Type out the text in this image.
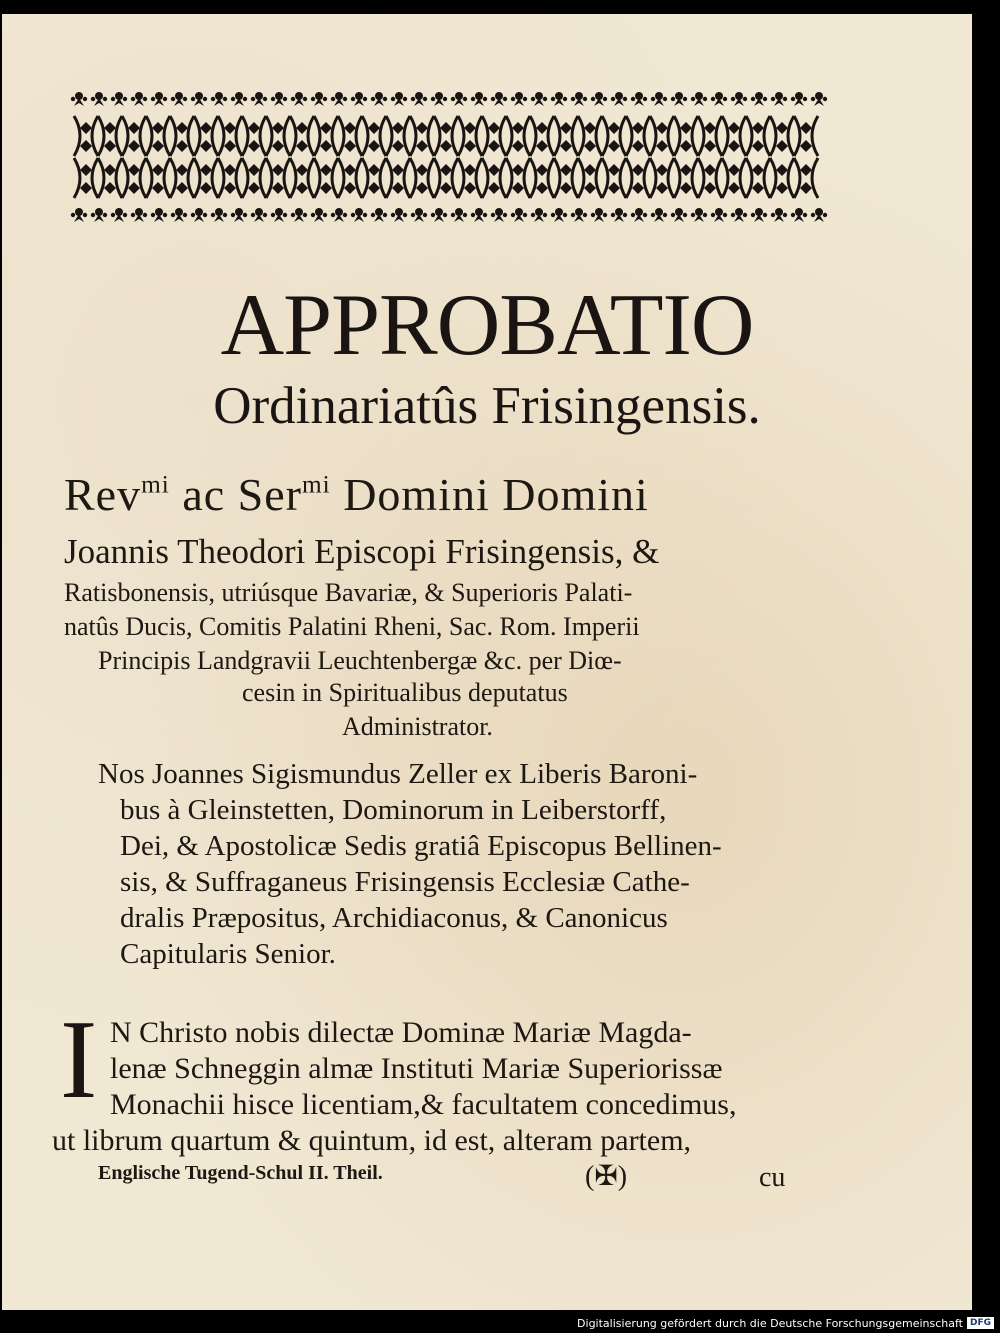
APPROBATIO
Ordinariatûs Frisingensis.
Rev$^{mi}$ ac Ser$^{mi}$ Domini Domini
Joannis Theodori Episcopi Frisingensis, &
Ratisbonensis, utriúsque Bavariæ, & Superioris Palati-
natûs Ducis, Comitis Palatini Rheni, Sac. Rom. Imperii
Principis Landgravii Leuchtenbergæ &c. per Diœ-
cesin in Spiritualibus deputatus
Administrator.
Nos Joannes Sigismundus Zeller ex Liberis Baroni-
bus à Gleinstetten, Dominorum in Leiberstorff,
Dei, & Apostolicæ Sedis gratiâ Episcopus Bellinen-
sis, & Suffraganeus Frisingensis Ecclesiæ Cathe-
dralis Præpositus, Archidiaconus, & Canonicus
Capitularis Senior.
I N Christo nobis dilectæ Dominæ Mariæ Magda-
lenæ Schneggin almæ Instituti Mariæ Superiorissæ
Monachii hisce licentiam,& facultatem concedimus,
ut librum quartum & quintum, id est, alteram partem,
Englische Tugend-Schul II. Theil.	(✠)	cu
Digitalisierung gefördert durch die Deutsche Forschungsgemeinschaft DFG
